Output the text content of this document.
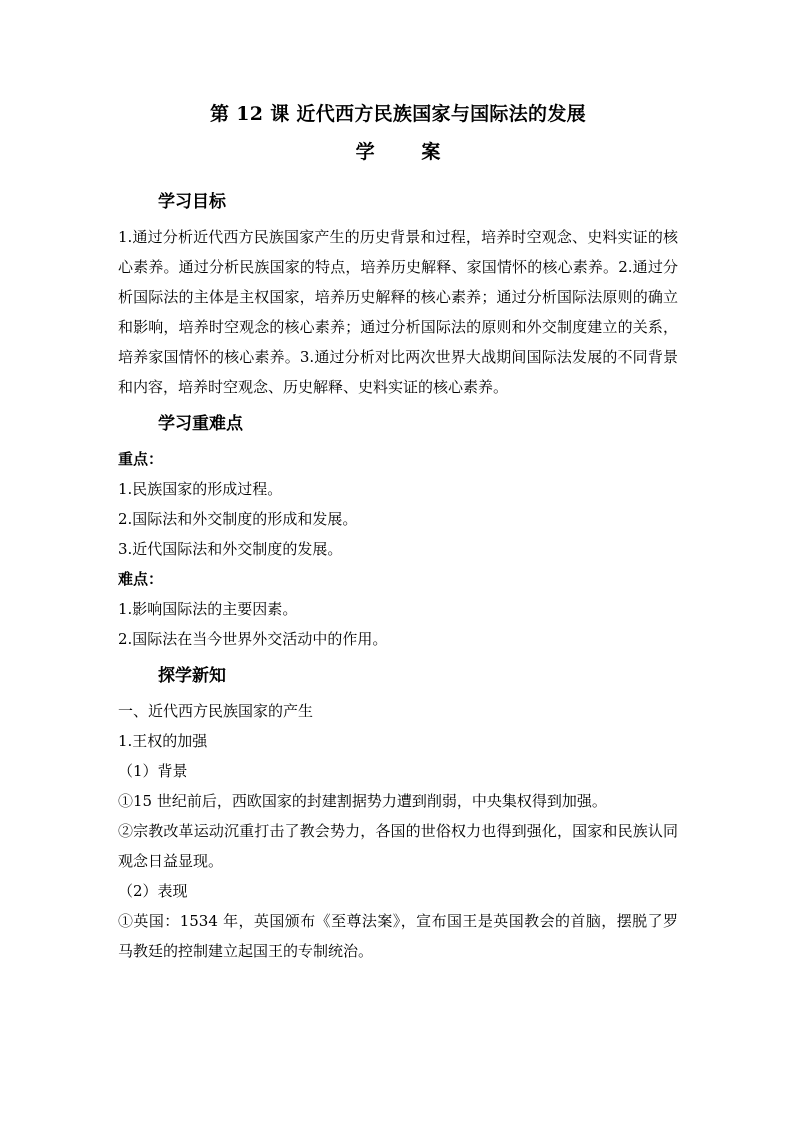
第 12 课 近代西方民族国家与国际法的发展
学 案
学习目标

1.通过分析近代西方民族国家产生的历史背景和过程，培养时空观念、史料实证的核心素养。通过分析民族国家的特点，培养历史解释、家国情怀的核心素养。2.通过分析国际法的主体是主权国家，培养历史解释的核心素养；通过分析国际法原则的确立和影响，培养时空观念的核心素养；通过分析国际法的原则和外交制度建立的关系，培养家国情怀的核心素养。3.通过分析对比两次世界大战期间国际法发展的不同背景和内容，培养时空观念、历史解释、史料实证的核心素养。

学习重难点

重点：

1.民族国家的形成过程。

2.国际法和外交制度的形成和发展。

3.近代国际法和外交制度的发展。

难点：

1.影响国际法的主要因素。

2.国际法在当今世界外交活动中的作用。

探学新知

一、近代西方民族国家的产生

1.王权的加强

（1）背景

①15 世纪前后，西欧国家的封建割据势力遭到削弱，中央集权得到加强。

②宗教改革运动沉重打击了教会势力，各国的世俗权力也得到强化，国家和民族认同观念日益显现。

（2）表现

①英国：1534 年，英国颁布《至尊法案》，宣布国王是英国教会的首脑，摆脱了罗马教廷的控制建立起国王的专制统治。
